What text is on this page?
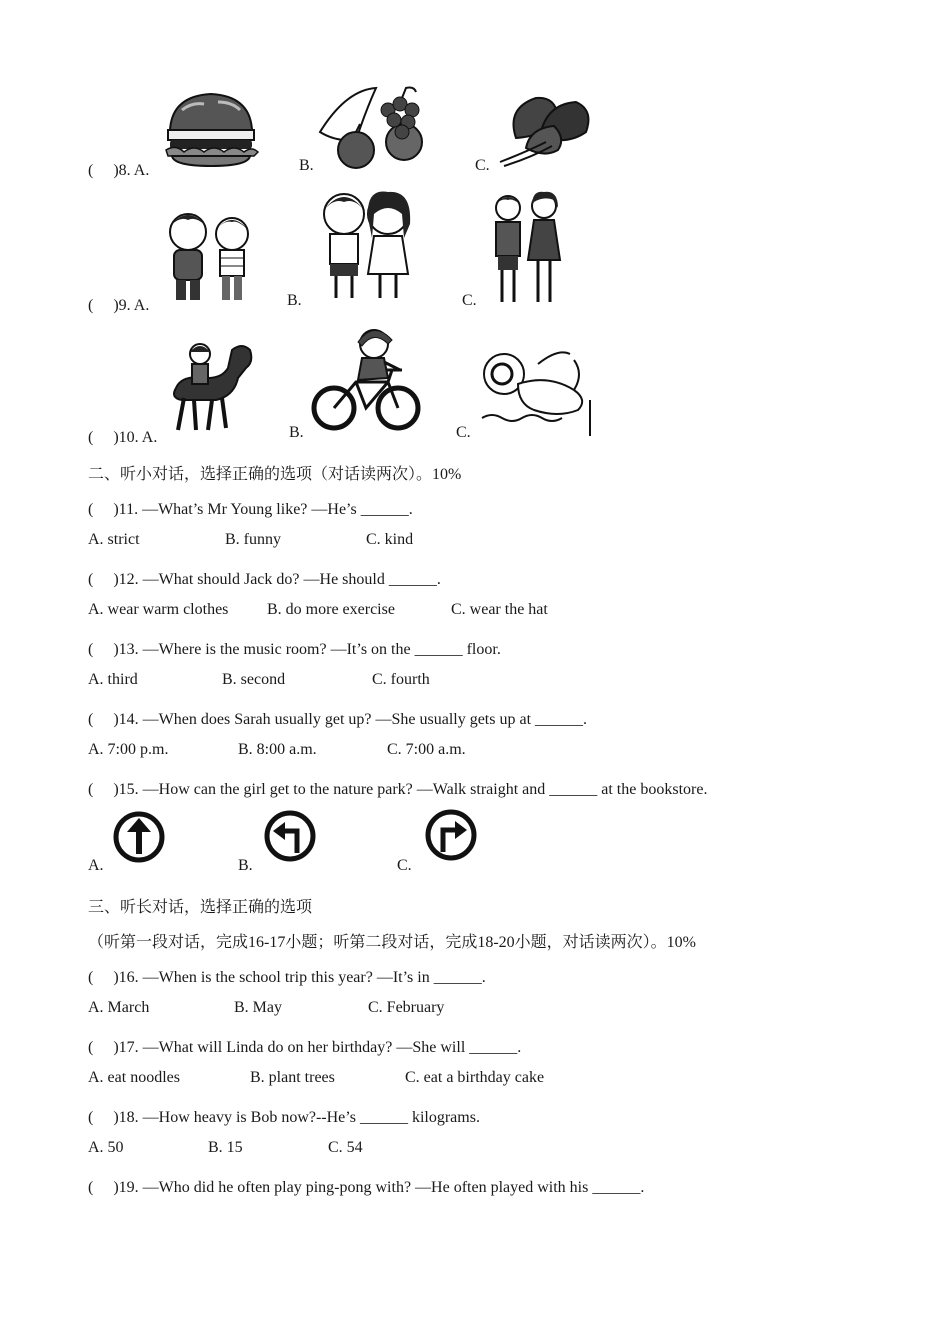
(　 )8. A.	B.	C.
(　 )9. A.	B.	C.
(　 )10. A.	B.	C.
二、听小对话，选择正确的选项（对话读两次）。10%
(　 )11. —What’s Mr Young like? —He’s ______.
A. strict	B. funny	C. kind
(　 )12. —What should Jack do? —He should ______.
A. wear warm clothes B. do more exercise	C. wear the hat
(　 )13. —Where is the music room? —It’s on the ______ floor.
A. third	B. second	C. fourth
(　 )14. —When does Sarah usually get up? —She usually gets up at ______.
A. 7:00 p.m.	B. 8:00 a.m.	C. 7:00 a.m.
(　 )15. —How can the girl get to the nature park? —Walk straight and ______ at the bookstore.
A.	B.	C.
三、听长对话，选择正确的选项
（听第一段对话，完成16-17小题；听第二段对话，完成18-20小题，对话读两次）。10%
(　 )16. —When is the school trip this year? —It’s in ______.
A. March	B. May	C. February
(　 )17. —What will Linda do on her birthday? —She will ______.
A. eat noodles	B. plant trees	C. eat a birthday cake
(　 )18. —How heavy is Bob now?--He’s ______ kilograms.
A. 50	B. 15	C. 54
(　 )19. —Who did he often play ping-pong with? —He often played with his ______.
